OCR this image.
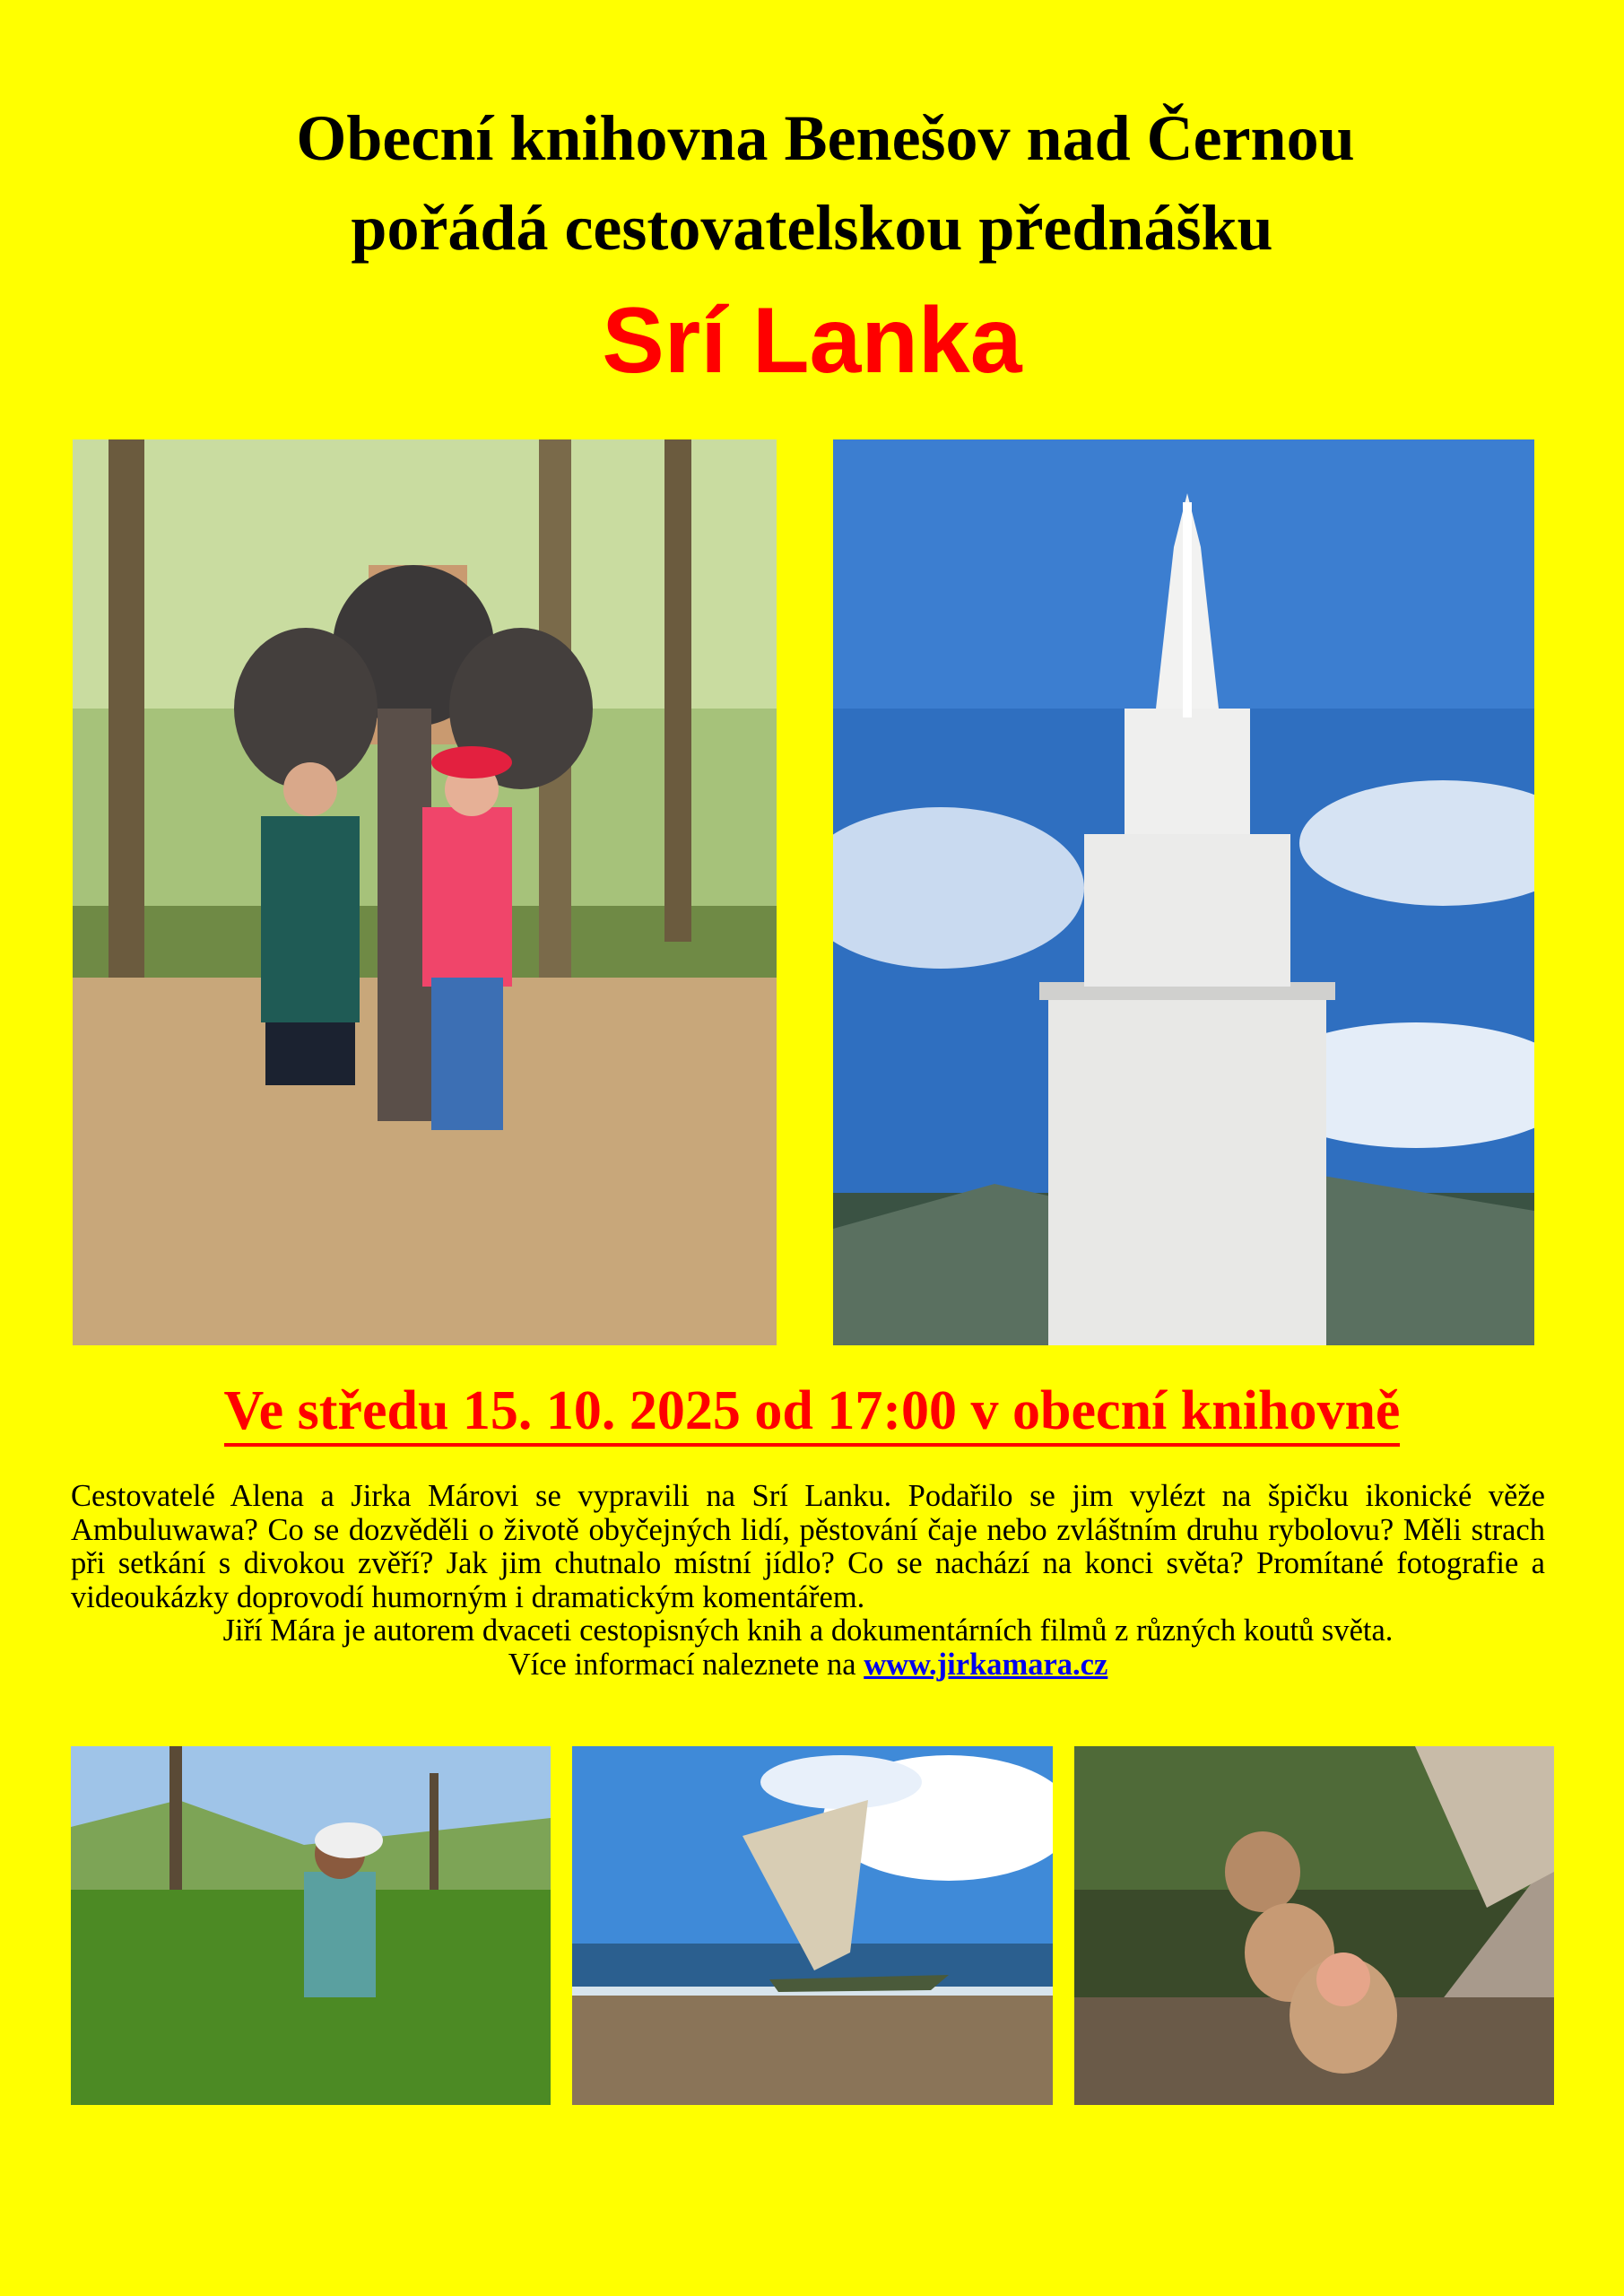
Obecní knihovna Benešov nad Černou
pořádá cestovatelskou přednášku
Srí Lanka
Ve středu 15. 10. 2025 od 17:00 v obecní knihovně
Cestovatelé Alena a Jirka Márovi se vypravili na Srí Lanku. Podařilo se jim vylézt na špičku ikonické věže Ambuluwawa? Co se dozvěděli o životě obyčejných lidí, pěstování čaje nebo zvláštním druhu rybolovu? Měli strach při setkání s divokou zvěří? Jak jim chutnalo místní jídlo? Co se nachází na konci světa? Promítané fotografie a videoukázky doprovodí humorným i dramatickým komentářem.
Jiří Mára je autorem dvaceti cestopisných knih a dokumentárních filmů z různých koutů světa.
Více informací naleznete na www.jirkamara.cz
